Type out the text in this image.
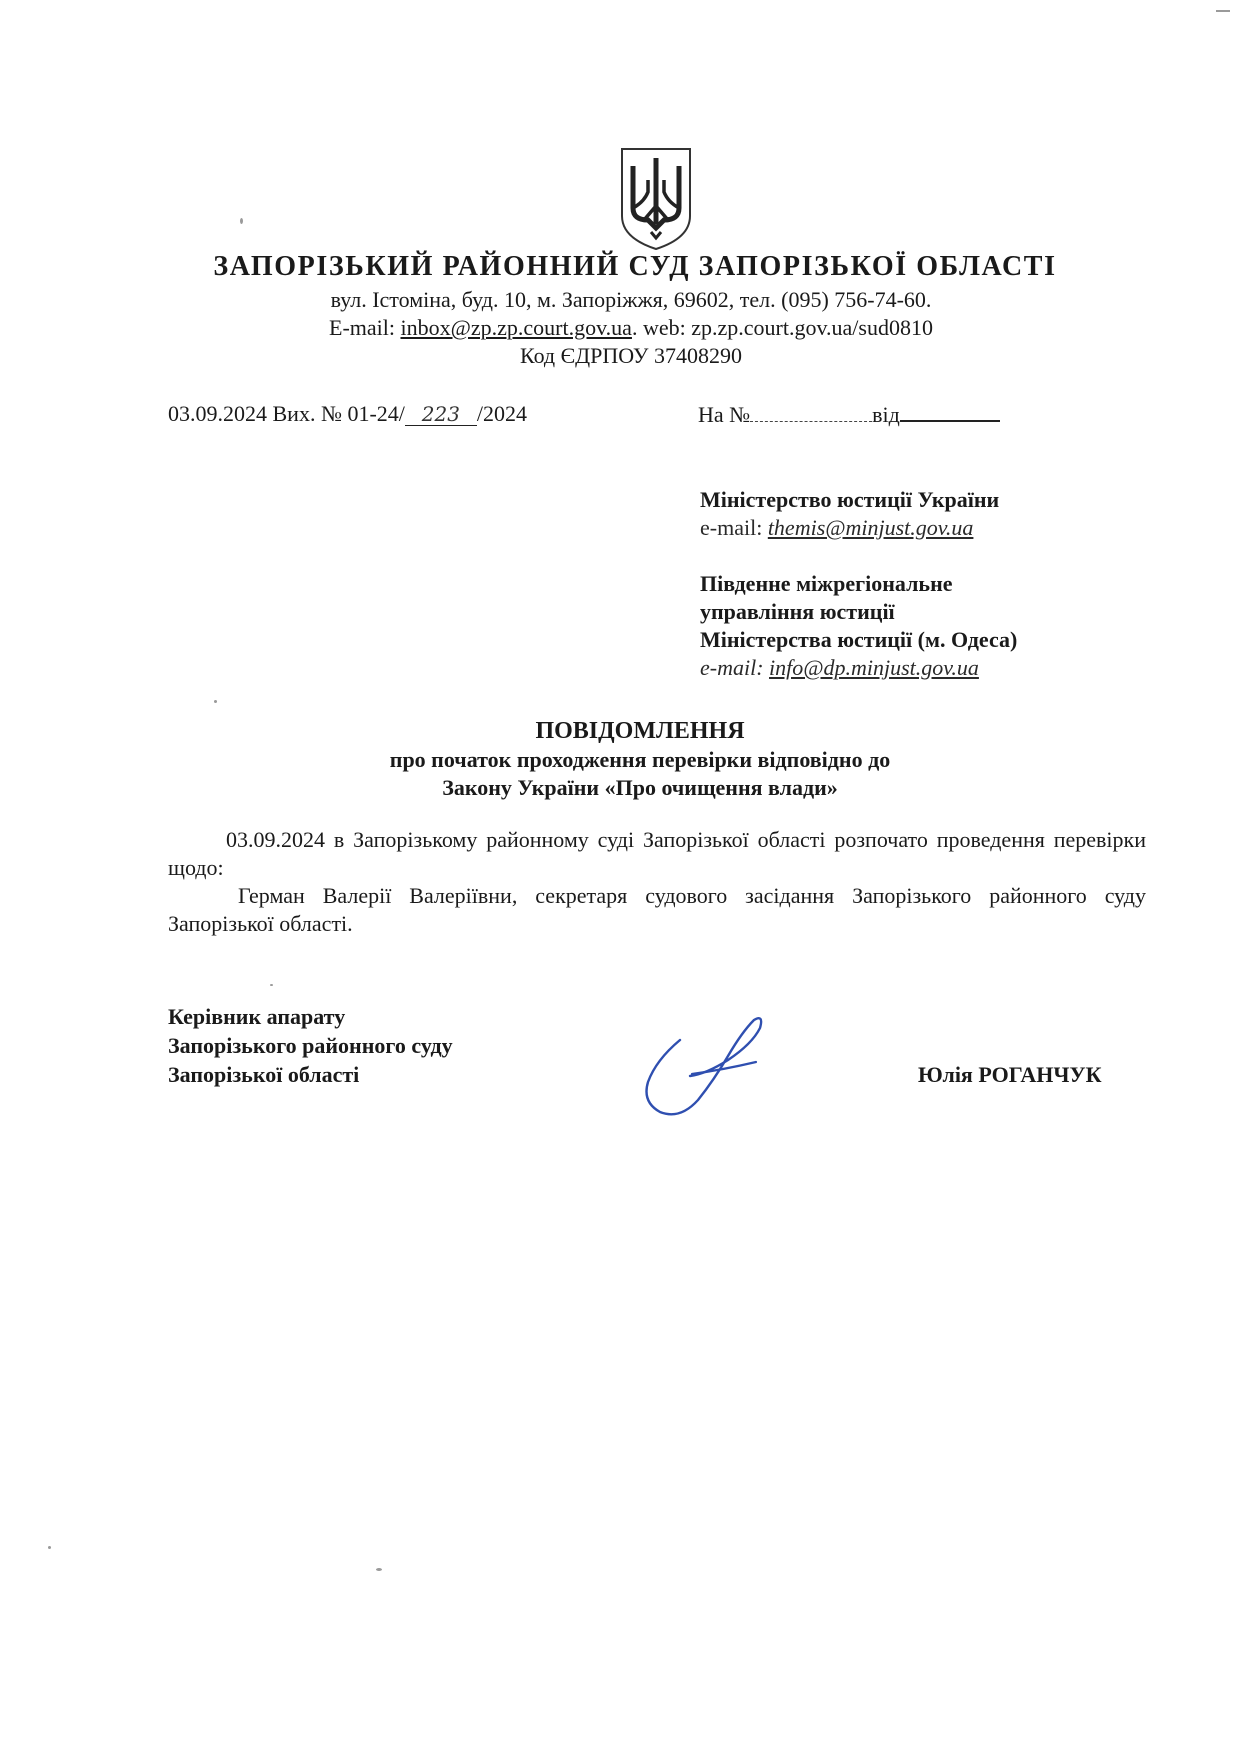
ЗАПОРІЗЬКИЙ РАЙОННИЙ СУД ЗАПОРІЗЬКОЇ ОБЛАСТІ
вул. Істоміна, буд. 10, м. Запоріжжя, 69602, тел. (095) 756-74-60.
E-mail: inbox@zp.zp.court.gov.ua. web: zp.zp.court.gov.ua/sud0810
Код ЄДРПОУ 37408290
03.09.2024 Вих. № 01-24/ 223 /2024	На №	від
Міністерство юстиції України
e-mail: themis@minjust.gov.ua
Південне міжрегіональне
управління юстиції
Міністерства юстиції (м. Одеса)
e-mail: info@dp.minjust.gov.ua
ПОВІДОМЛЕННЯ
про початок проходження перевірки відповідно до
Закону України «Про очищення влади»

03.09.2024 в Запорізькому районному суді Запорізької області розпочато проведення перевірки щодо:

Герман Валерії Валеріївни, секретаря судового засідання Запорізького районного суду Запорізької області.

Керівник апарату
Запорізького районного суду
Запорізької області	Юлія РОГАНЧУК
